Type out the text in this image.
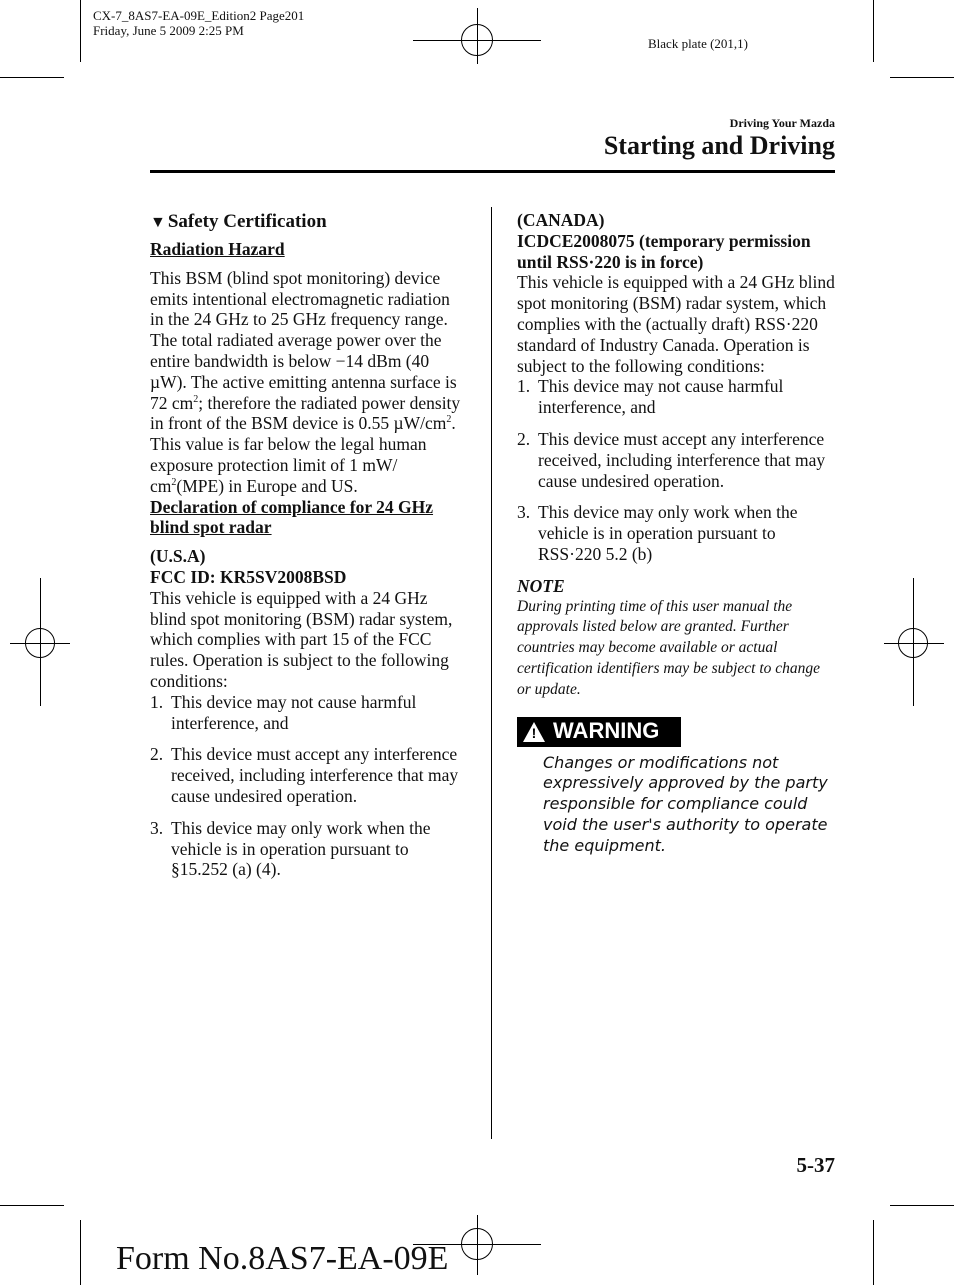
CX-7_8AS7-EA-09E_Edition2 Page201
Friday, June 5 2009 2:25 PM
Black plate (201,1)
Driving Your Mazda
Starting and Driving
▼ Safety Certification
Radiation Hazard

This BSM (blind spot monitoring) device emits intentional electromagnetic radiation in the 24 GHz to 25 GHz frequency range. The total radiated average power over the entire bandwidth is below −14 dBm (40 µW). The active emitting antenna surface is 72 $cm^2$; therefore the radiated power density in front of the BSM device is 0.55 $\mu W/cm^2$. This value is far below the legal human exposure protection limit of 1 mW/ $cm^2(MPE)$ in Europe and US.

Declaration of compliance for 24 GHz blind spot radar

(U.S.A)

FCC ID: KR5SV2008BSD

This vehicle is equipped with a 24 GHz blind spot monitoring (BSM) radar system, which complies with part 15 of the FCC rules. Operation is subject to the following conditions:

1. This device may not cause harmful interference, and
2. This device must accept any interference received, including interference that may cause undesired operation.
3. This device may only work when the vehicle is in operation pursuant to §15.252 (a) (4).

(CANADA)

ICDCE2008075 (temporary permission until RSS·220 is in force)

This vehicle is equipped with a 24 GHz blind spot monitoring (BSM) radar system, which complies with the (actually draft) RSS·220 standard of Industry Canada. Operation is subject to the following conditions:

1. This device may not cause harmful interference, and
2. This device must accept any interference received, including interference that may cause undesired operation.
3. This device may only work when the vehicle is in operation pursuant to RSS·220 5.2 (b)

NOTE

During printing time of this user manual the approvals listed below are granted. Further countries may become available or actual certification identifiers may be subject to change or update.

! WARNING
Changes or modifications not expressively approved by the party responsible for compliance could void the user's authority to operate the equipment.
5-37
Form No.8AS7-EA-09E
